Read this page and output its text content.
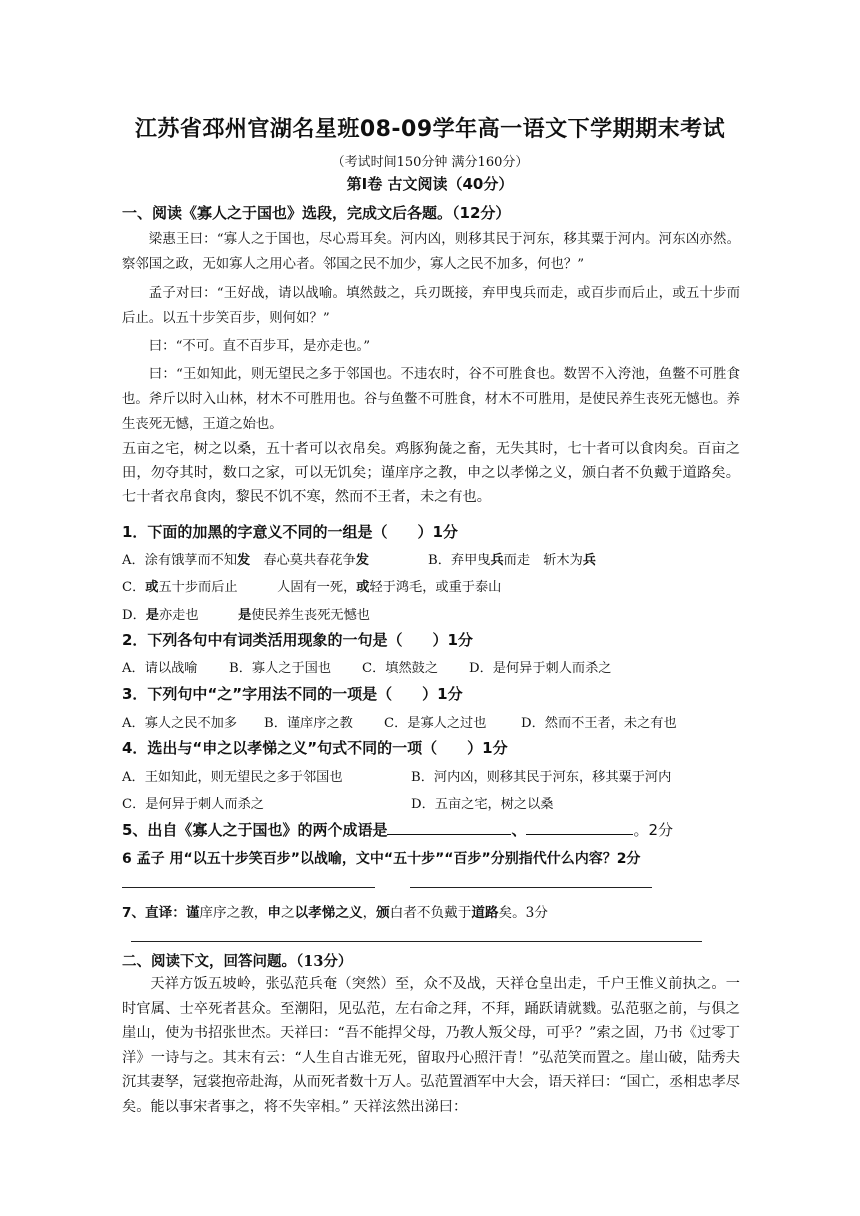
江苏省邳州官湖名星班08-09学年高一语文下学期期末考试
（考试时间150分钟 满分160分）
第Ⅰ卷 古文阅读（40分）
一、阅读《寡人之于国也》选段，完成文后各题。（12分）

梁惠王曰：“寡人之于国也，尽心焉耳矣。河内凶，则移其民于河东，移其粟于河内。河东凶亦然。察邻国之政，无如寡人之用心者。邻国之民不加少，寡人之民不加多，何也？”

孟子对曰：“王好战，请以战喻。填然鼓之，兵刃既接，弃甲曳兵而走，或百步而后止，或五十步而后止。以五十步笑百步，则何如？”

曰：“不可。直不百步耳，是亦走也。”

曰：“王如知此，则无望民之多于邻国也。不违农时，谷不可胜食也。数罟不入洿池，鱼鳖不可胜食也。斧斤以时入山林，材木不可胜用也。谷与鱼鳖不可胜食，材木不可胜用，是使民养生丧死无憾也。养生丧死无憾，王道之始也。

五亩之宅，树之以桑，五十者可以衣帛矣。鸡豚狗彘之畜，无失其时，七十者可以食肉矣。百亩之田，勿夺其时，数口之家，可以无饥矣；谨庠序之教，申之以孝悌之义，颁白者不负戴于道路矣。七十者衣帛食肉，黎民不饥不寒，然而不王者，未之有也。

1．下面的加黑的字意义不同的一组是（　　）1分
A．涂有饿莩而不知发　春心莫共春花争发	B．弃甲曳兵而走　斩木为兵
C．或五十步而后止　　　人固有一死，或轻于鸿毛，或重于泰山
D．是亦走也　　　是使民养生丧死无憾也
2．下列各句中有词类活用现象的一句是（　　）1分
A．请以战喻 B．寡人之于国也 C．填然鼓之 D．是何异于刺人而杀之
3．下列句中“之”字用法不同的一项是（　　）1分
A．寡人之民不加多 B．谨庠序之教 C．是寡人之过也	D．然而不王者，未之有也
4．选出与“申之以孝悌之义”句式不同的一项（　　）1分
A．王如知此，则无望民之多于邻国也	B．河内凶，则移其民于河东，移其粟于河内
C．是何异于刺人而杀之	D．五亩之宅，树之以桑
5、出自《寡人之于国也》的两个成语是	、	。2分
6 孟子 用“以五十步笑百步”以战喻，文中“五十步”“百步”分别指代什么内容？2分
7、直译：谨庠序之教，申之以孝悌之义，颁白者不负戴于道路矣。3分
二、阅读下文，回答问题。（13分）

天祥方饭五坡岭，张弘范兵奄（突然）至，众不及战，天祥仓皇出走，千户王惟义前执之。一时官属、士卒死者甚众。至潮阳，见弘范，左右命之拜，不拜，踊跃请就戮。弘范驱之前，与俱之崖山，使为书招张世杰。天祥曰：“吾不能捍父母，乃教人叛父母，可乎？”索之固，乃书《过零丁洋》一诗与之。其末有云：“人生自古谁无死，留取丹心照汗青！”弘范笑而置之。崖山破，陆秀夫沉其妻孥，冠裳抱帝赴海，从而死者数十万人。弘范置酒军中大会，语天祥曰：“国亡，丞相忠孝尽矣。能以事宋者事之，将不失宰相。” 天祥泫然出涕曰：
